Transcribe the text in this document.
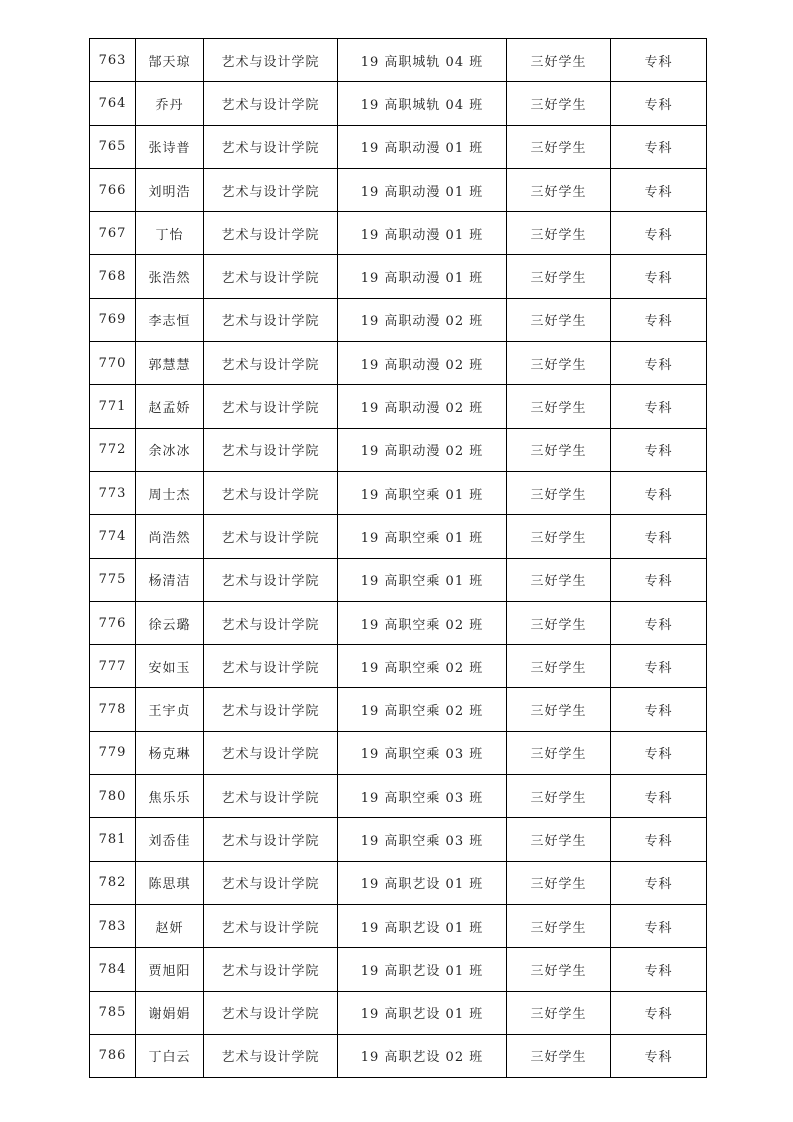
763	郜天琼	艺术与设计学院	19 高职城轨 04 班	三好学生	专科
764	乔丹	艺术与设计学院	19 高职城轨 04 班	三好学生	专科
765	张诗普	艺术与设计学院	19 高职动漫 01 班	三好学生	专科
766	刘明浩	艺术与设计学院	19 高职动漫 01 班	三好学生	专科
767	丁怡	艺术与设计学院	19 高职动漫 01 班	三好学生	专科
768	张浩然	艺术与设计学院	19 高职动漫 01 班	三好学生	专科
769	李志恒	艺术与设计学院	19 高职动漫 02 班	三好学生	专科
770	郭慧慧	艺术与设计学院	19 高职动漫 02 班	三好学生	专科
771	赵孟娇	艺术与设计学院	19 高职动漫 02 班	三好学生	专科
772	余冰冰	艺术与设计学院	19 高职动漫 02 班	三好学生	专科
773	周士杰	艺术与设计学院	19 高职空乘 01 班	三好学生	专科
774	尚浩然	艺术与设计学院	19 高职空乘 01 班	三好学生	专科
775	杨清洁	艺术与设计学院	19 高职空乘 01 班	三好学生	专科
776	徐云璐	艺术与设计学院	19 高职空乘 02 班	三好学生	专科
777	安如玉	艺术与设计学院	19 高职空乘 02 班	三好学生	专科
778	王宇贞	艺术与设计学院	19 高职空乘 02 班	三好学生	专科
779	杨克琳	艺术与设计学院	19 高职空乘 03 班	三好学生	专科
780	焦乐乐	艺术与设计学院	19 高职空乘 03 班	三好学生	专科
781	刘岙佳	艺术与设计学院	19 高职空乘 03 班	三好学生	专科
782	陈思琪	艺术与设计学院	19 高职艺设 01 班	三好学生	专科
783	赵妍	艺术与设计学院	19 高职艺设 01 班	三好学生	专科
784	贾旭阳	艺术与设计学院	19 高职艺设 01 班	三好学生	专科
785	谢娟娟	艺术与设计学院	19 高职艺设 01 班	三好学生	专科
786	丁白云	艺术与设计学院	19 高职艺设 02 班	三好学生	专科
